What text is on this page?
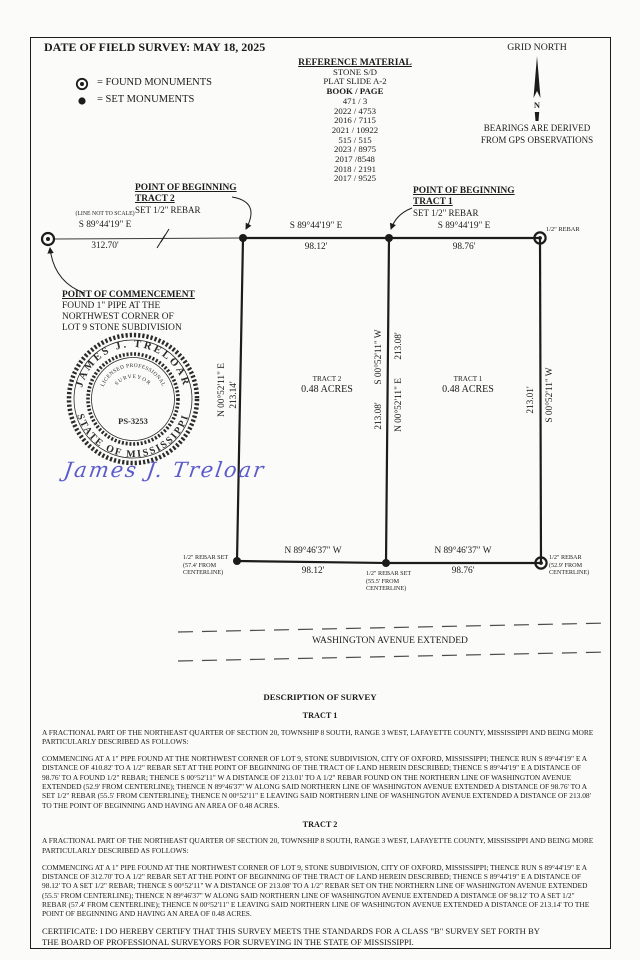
N
JAMES J. TRELOAR
STATE OF MISSISSIPPI
LICENSED PROFESSIONAL
SURVEYOR
PS-3253
DATE OF FIELD SURVEY: MAY 18, 2025
= FOUND MONUMENTS
= SET MONUMENTS
REFERENCE MATERIAL
STONE S/D
PLAT SLIDE A-2
BOOK / PAGE
471 / 3
2022 / 4753
2016 / 7115
2021 / 10922
515 / 515
2023 / 8975
2017 /8548
2018 / 2191
2017 / 9525
GRID NORTH
BEARINGS ARE DERIVED
FROM GPS OBSERVATIONS
POINT OF BEGINNING
TRACT 2
SET 1/2" REBAR
POINT OF BEGINNING
TRACT 1
SET 1/2" REBAR
(LINE NOT TO SCALE)
S 89°44'19" E
312.70'
POINT OF COMMENCEMENT
FOUND 1" PIPE AT THE
NORTHWEST CORNER OF
LOT 9 STONE SUBDIVISION
S 89°44'19" E
98.12'
S 89°44'19" E
98.76'
1/2" REBAR
N 00°52'11" E 213.14'
S 00°52'11" W
213.08'
213.08'
N 00°52'11" E	213.01' S 00°52'11" W
TRACT 2
0.48 ACRES
TRACT 1
0.48 ACRES
N 89°46'37" W
98.12'
N 89°46'37" W
98.76'
1/2" REBAR SET
(57.4' FROM
CENTERLINE)	1/2" REBAR SET
(55.5' FROM
CENTERLINE)
1/2" REBAR
(52.9' FROM
CENTERLINE)
WASHINGTON AVENUE EXTENDED
James J. Treloar
DESCRIPTION OF SURVEY
TRACT 1

A FRACTIONAL PART OF THE NORTHEAST QUARTER OF SECTION 20, TOWNSHIP 8 SOUTH, RANGE 3 WEST, LAFAYETTE COUNTY, MISSISSIPPI AND BEING MORE PARTICULARLY DESCRIBED AS FOLLOWS:

COMMENCING AT A 1" PIPE FOUND AT THE NORTHWEST CORNER OF LOT 9, STONE SUBDIVISION, CITY OF OXFORD, MISSISSIPPI; THENCE RUN S 89°44'19" E A DISTANCE OF 410.82' TO A 1/2" REBAR SET AT THE POINT OF BEGINNING OF THE TRACT OF LAND HEREIN DESCRIBED; THENCE S 89°44'19" E A DISTANCE OF 98.76' TO A FOUND 1/2" REBAR; THENCE S 00°52'11" W A DISTANCE OF 213.01' TO A 1/2" REBAR FOUND ON THE NORTHERN LINE OF WASHINGTON AVENUE EXTENDED (52.9' FROM CENTERLINE); THENCE N 89°46'37" W ALONG SAID NORTHERN LINE OF WASHINGTON AVENUE EXTENDED A DISTANCE OF 98.76' TO A SET 1/2" REBAR (55.5' FROM CENTERLINE); THENCE N 00°52'11" E LEAVING SAID NORTHERN LINE OF WASHINGTON AVENUE EXTENDED A DISTANCE OF 213.08' TO THE POINT OF BEGINNING AND HAVING AN AREA OF 0.48 ACRES.

TRACT 2

A FRACTIONAL PART OF THE NORTHEAST QUARTER OF SECTION 20, TOWNSHIP 8 SOUTH, RANGE 3 WEST, LAFAYETTE COUNTY, MISSISSIPPI AND BEING MORE PARTICULARLY DESCRIBED AS FOLLOWS:

COMMENCING AT A 1" PIPE FOUND AT THE NORTHWEST CORNER OF LOT 9, STONE SUBDIVISION, CITY OF OXFORD, MISSISSIPPI; THENCE RUN S 89°44'19" E A DISTANCE OF 312.70' TO A 1/2" REBAR SET AT THE POINT OF BEGINNING OF THE TRACT OF LAND HEREIN DESCRIBED; THENCE S 89°44'19" E A DISTANCE OF 98.12' TO A SET 1/2" REBAR; THENCE S 00°52'11" W A DISTANCE OF 213.08' TO A 1/2" REBAR SET ON THE NORTHERN LINE OF WASHINGTON AVENUE EXTENDED (55.5' FROM CENTERLINE); THENCE N 89°46'37" W ALONG SAID NORTHERN LINE OF WASHINGTON AVENUE EXTENDED A DISTANCE OF 98.12' TO A SET 1/2" REBAR (57.4' FROM CENTERLINE); THENCE N 00°52'11" E LEAVING SAID NORTHERN LINE OF WASHINGTON AVENUE EXTENDED A DISTANCE OF 213.14' TO THE POINT OF BEGINNING AND HAVING AN AREA OF 0.48 ACRES.

CERTIFICATE: I DO HEREBY CERTIFY THAT THIS SURVEY MEETS THE STANDARDS FOR A CLASS "B" SURVEY SET FORTH BY THE BOARD OF PROFESSIONAL SURVEYORS FOR SURVEYING IN THE STATE OF MISSISSIPPI.
